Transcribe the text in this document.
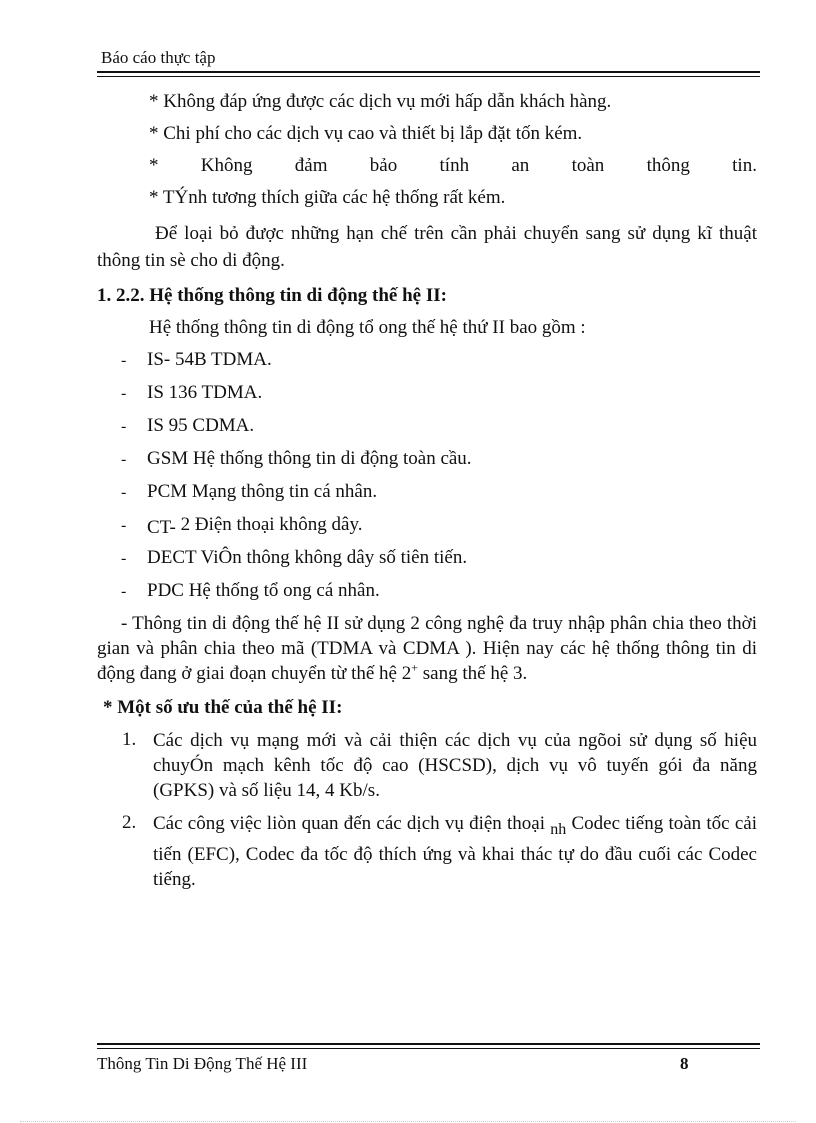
Báo cáo thực tập

* Không đáp ứng được các dịch vụ mới hấp dẫn khách hàng.

* Chi phí cho các dịch vụ cao và thiết bị lắp đặt tốn kém.

* Không đảm bảo tính an toàn thông tin.

* TÝnh tương thích giữa các hệ thống rất kém.

Để loại bỏ được những hạn chế trên cần phải chuyển sang sử dụng kĩ thuật thông tin sè cho di động.

1. 2.2. Hệ thống thông tin di động thế hệ II:

Hệ thống thông tin di động tổ ong thế hệ thứ II bao gồm :

-	IS- 54B TDMA.
-	IS 136 TDMA.
-	IS 95 CDMA.
-	GSM Hệ thống thông tin di động toàn cầu.
-	PCM Mạng thông tin cá nhân.
-	CT-
2 Điện thoại không dây.
-	DECT ViÔn thông không dây số tiên tiến.
-	PDC Hệ thống tổ ong cá nhân.

- Thông tin di động thế hệ II sử dụng 2 công nghệ đa truy nhập phân chia theo thời gian và phân chia theo mã (TDMA và CDMA ). Hiện nay các hệ thống thông tin di động đang ở giai đoạn chuyển từ thế hệ 2+ sang thế hệ 3.

* Một số ưu thế của thế hệ II:

1. Các dịch vụ mạng mới và cải thiện các dịch vụ của ngõoi sử dụng số hiệu chuyÓn mạch kênh tốc độ cao (HSCSD), dịch vụ vô tuyến gói đa năng (GPKS) và số liệu 14, 4 Kb/s.
2. Các công việc liòn quan đến các dịch vụ điện thoại $_{nh}$ Codec tiếng toàn tốc cải tiến (EFC), Codec đa tốc độ thích ứng và khai thác tự do đầu cuối các Codec tiếng.
Thông Tin Di Động Thế Hệ III	8
